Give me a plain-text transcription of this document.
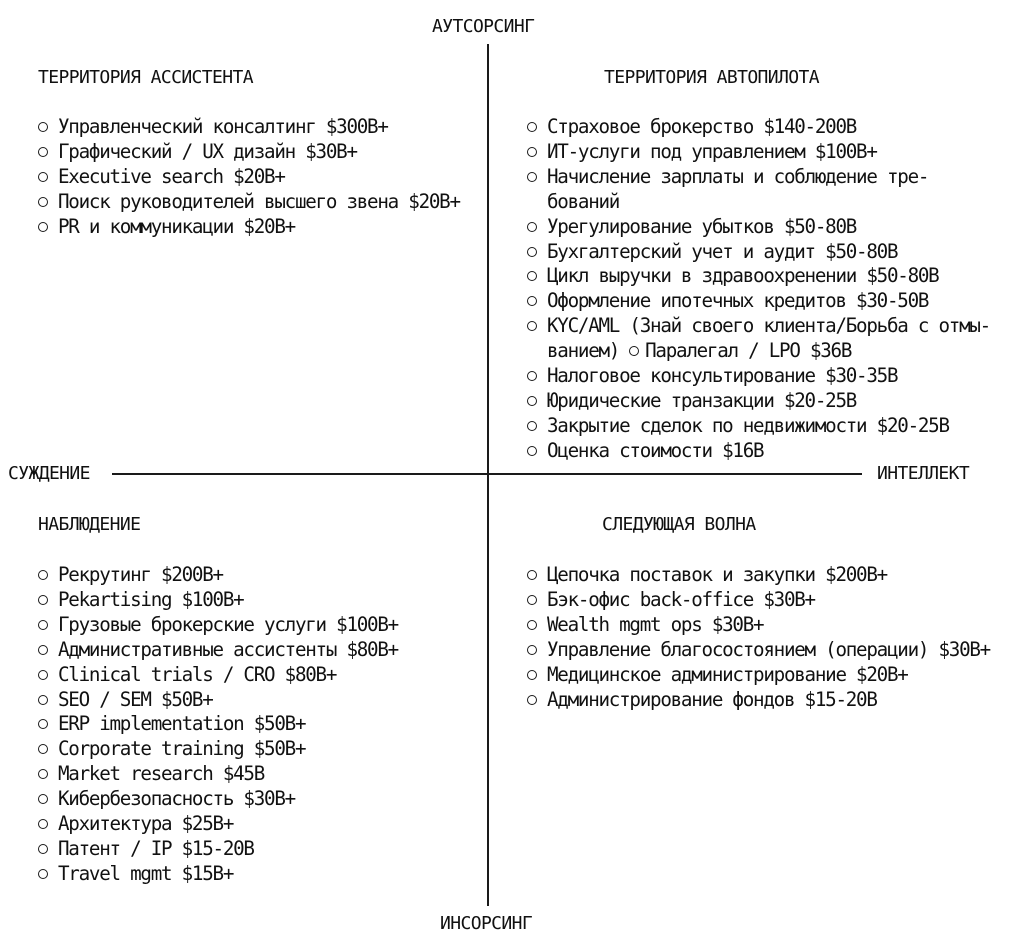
АУТСОРСИНГ
ИНСОРСИНГ
СУЖДЕНИЕ	ИНТЕЛЛЕКТ
ТЕРРИТОРИЯ АССИСТЕНТА
Управленческий консалтинг $300B+
Графический / UX дизайн $30B+
Executive search $20B+
Поиск руководителей высшего звена $20B+
PR и коммуникации $20B+
ТЕРРИТОРИЯ АВТОПИЛОТА
Страховое брокерство $140-200B
ИТ-услуги под управлением $100B+
Начисление зарплаты и соблюдение тре-
бований
Урегулирование убытков $50-80B
Бухгалтерский учет и аудит $50-80B
Цикл выручки в здравоохренении $50-80B
Оформление ипотечных кредитов $30-50B
KYC/AML (Знай своего клиента/Борьба с отмы-
ванием) Паралегал / LPO $36B
Налоговое консультирование $30-35B
Юридические транзакции $20-25B
Закрытие сделок по недвижимости $20-25B
Оценка стоимости $16B
НАБЛЮДЕНИЕ
Рекрутинг $200B+
Pekartising $100B+
Грузовые брокерские услуги $100B+
Административные ассистенты $80B+
Clinical trials / CRO $80B+
SEO / SEM $50B+
ERP implementation $50B+
Corporate training $50B+
Market research $45B
Кибербезопасность $30B+
Архитектура $25B+
Патент / IP $15-20B
Travel mgmt $15B+
СЛЕДУЮЩАЯ ВОЛНА
Цепочка поставок и закупки $200B+
Бэк-офис back-office $30B+
Wealth mgmt ops $30B+
Управление благосостоянием (операции) $30B+
Медицинское администрирование $20B+
Администрирование фондов $15-20B
